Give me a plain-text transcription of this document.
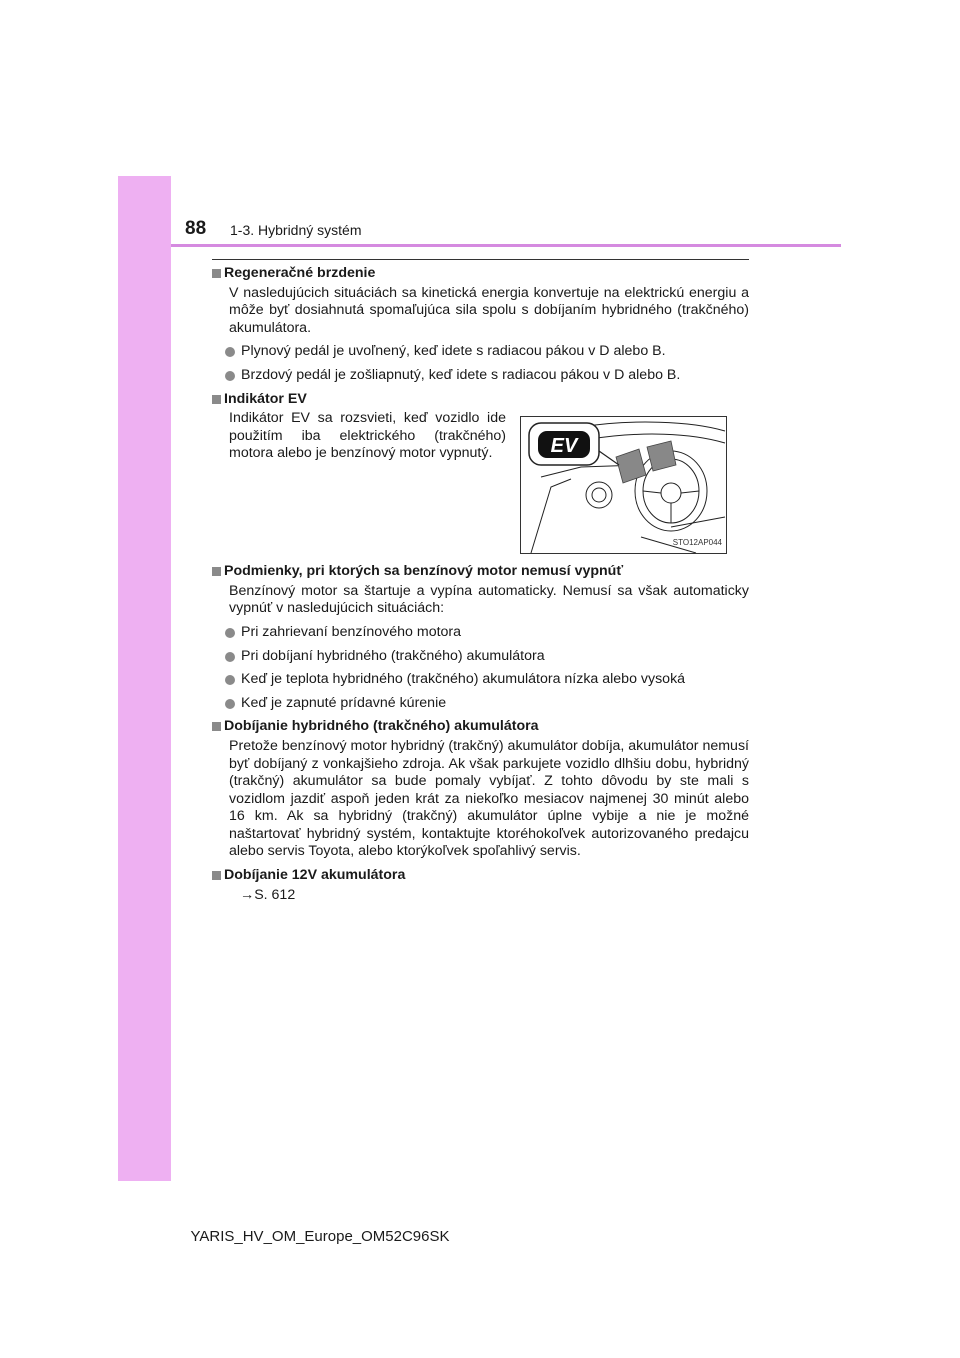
88 1-3. Hybridný systém
Regeneračné brzdenie
V nasledujúcich situáciách sa kinetická energia konvertuje na elektrickú energiu a môže byť dosiahnutá spomaľujúca sila spolu s dobíjaním hybridného (trakčného) akumulátora.
Plynový pedál je uvoľnený, keď idete s radiacou pákou v D alebo B.
Brzdový pedál je zošliapnutý, keď idete s radiacou pákou v D alebo B.
Indikátor EV
Indikátor EV sa rozsvieti, keď vozidlo ide použitím iba elektrického (trakčného) motora alebo je benzínový motor vypnutý.	EV
STO12AP044
Podmienky, pri ktorých sa benzínový motor nemusí vypnúť
Benzínový motor sa štartuje a vypína automaticky. Nemusí sa však automaticky vypnúť v nasledujúcich situáciách:
Pri zahrievaní benzínového motora
Pri dobíjaní hybridného (trakčného) akumulátora
Keď je teplota hybridného (trakčného) akumulátora nízka alebo vysoká
Keď je zapnuté prídavné kúrenie
Dobíjanie hybridného (trakčného) akumulátora
Pretože benzínový motor hybridný (trakčný) akumulátor dobíja, akumulátor nemusí byť dobíjaný z vonkajšieho zdroja. Ak však parkujete vozidlo dlhšiu dobu, hybridný (trakčný) akumulátor sa bude pomaly vybíjať. Z tohto dôvodu by ste mali s vozidlom jazdiť aspoň jeden krát za niekoľko mesiacov najmenej 30 minút alebo 16 km. Ak sa hybridný (trakčný) akumulátor úplne vybije a nie je možné naštartovať hybridný systém, kontaktujte ktoréhokoľvek autorizovaného predajcu alebo servis Toyota, alebo ktorýkoľvek spoľahlivý servis.
Dobíjanie 12V akumulátora
→S. 612
YARIS_HV_OM_Europe_OM52C96SK
